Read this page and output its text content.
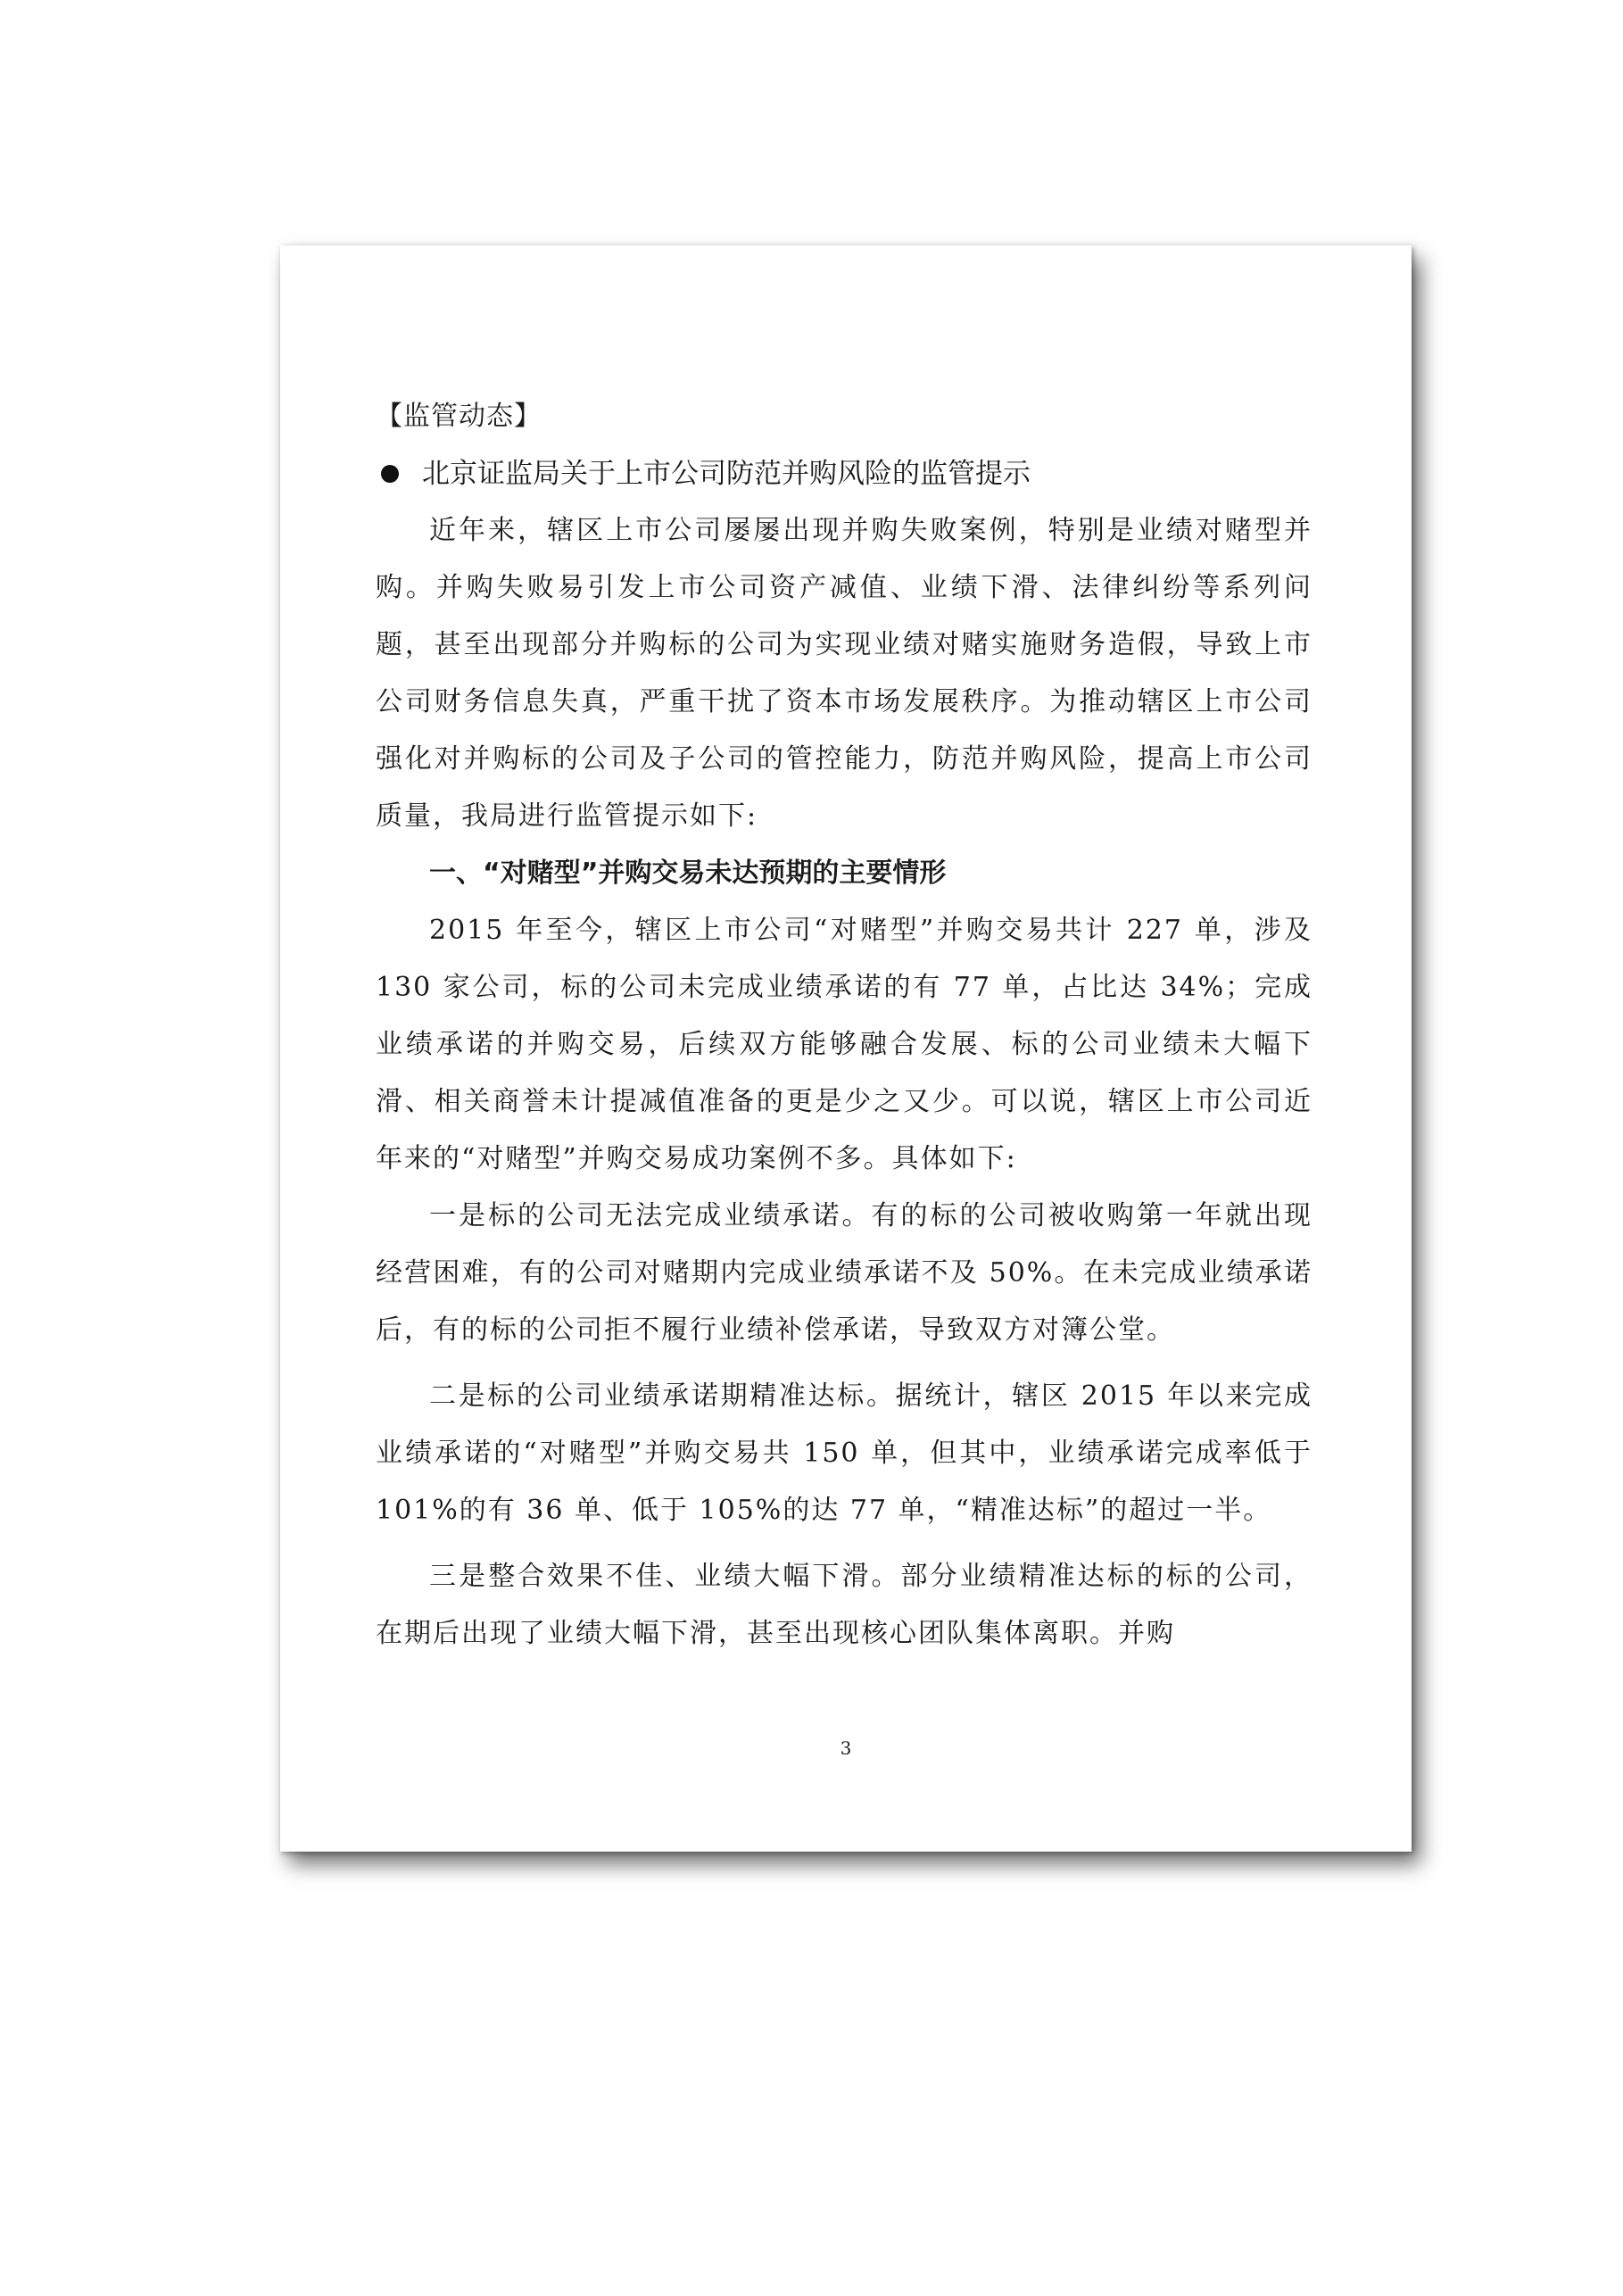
【监管动态】
北京证监局关于上市公司防范并购风险的监管提示

近年来，辖区上市公司屡屡出现并购失败案例，特别是业绩对赌型并购。并购失败易引发上市公司资产减值、业绩下滑、法律纠纷等系列问题，甚至出现部分并购标的公司为实现业绩对赌实施财务造假，导致上市公司财务信息失真，严重干扰了资本市场发展秩序。为推动辖区上市公司强化对并购标的公司及子公司的管控能力，防范并购风险，提高上市公司质量，我局进行监管提示如下:

一、“对赌型”并购交易未达预期的主要情形

2015 年至今，辖区上市公司“对赌型”并购交易共计 227 单，涉及 130 家公司，标的公司未完成业绩承诺的有 77 单，占比达 34%；完成业绩承诺的并购交易，后续双方能够融合发展、标的公司业绩未大幅下滑、相关商誉未计提减值准备的更是少之又少。可以说，辖区上市公司近年来的“对赌型”并购交易成功案例不多。具体如下:

一是标的公司无法完成业绩承诺。有的标的公司被收购第一年就出现经营困难，有的公司对赌期内完成业绩承诺不及 50%。在未完成业绩承诺后，有的标的公司拒不履行业绩补偿承诺，导致双方对簿公堂。

二是标的公司业绩承诺期精准达标。据统计，辖区 2015 年以来完成业绩承诺的“对赌型”并购交易共 150 单，但其中，业绩承诺完成率低于 101%的有 36 单、低于 105%的达 77 单，“精准达标”的超过一半。

三是整合效果不佳、业绩大幅下滑。部分业绩精准达标的标的公司，在期后出现了业绩大幅下滑，甚至出现核心团队集体离职。并购

3
